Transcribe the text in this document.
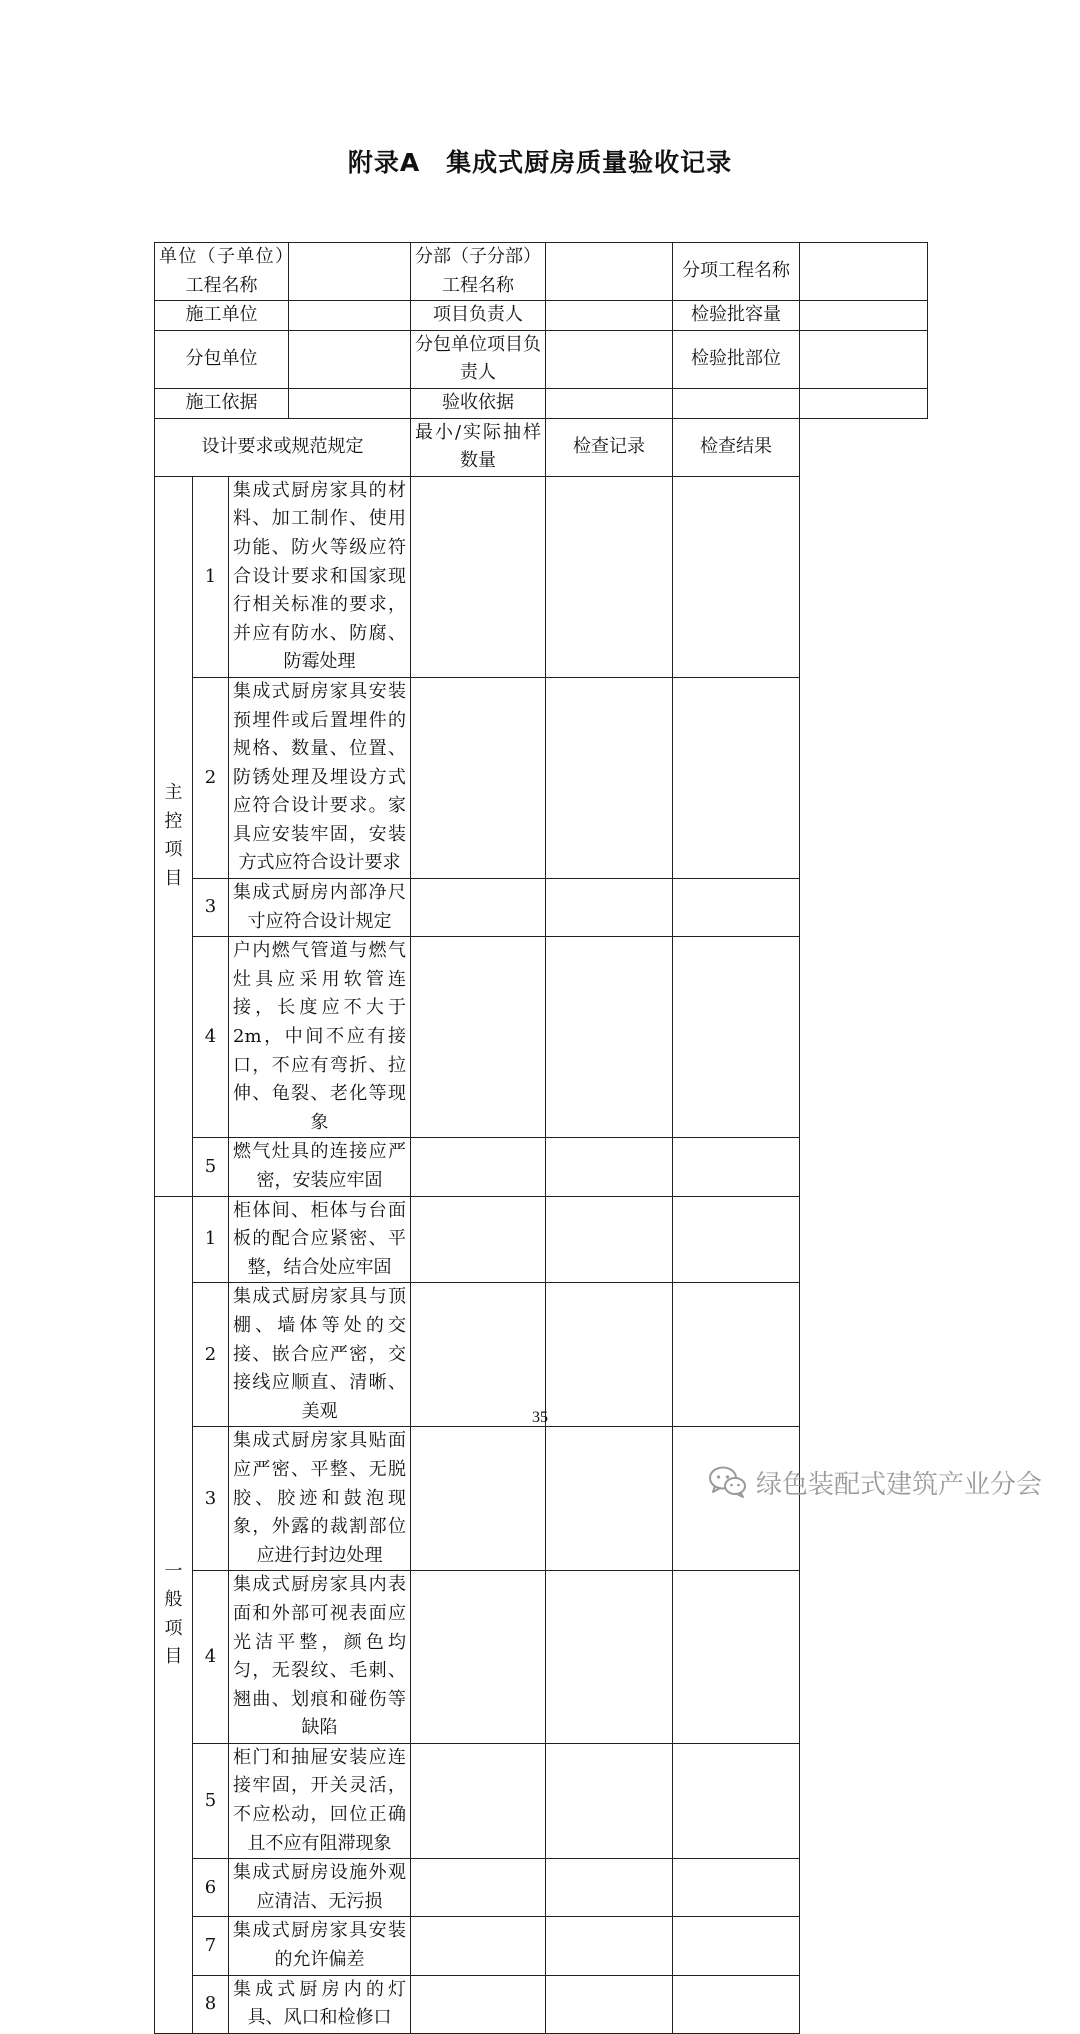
附录A　集成式厨房质量验收记录
单位（子单位）工程名称				分部（子分部）工程名称		分项工程名称	
施工单位				项目负责人		检验批容量	
分包单位				分包单位项目负责人		检验批部位	
施工依据				验收依据			
设计要求或规范规定				最小/实际抽样数量	检查记录	检查结果	

主控项目	1	集成式厨房家具的材料、加工制作、使用功能、防火等级应符合设计要求和国家现行相关标准的要求，并应有防水、防腐、防霉处理					
	2	集成式厨房家具安装预埋件或后置埋件的规格、数量、位置、防锈处理及埋设方式应符合设计要求。家具应安装牢固，安装方式应符合设计要求					
	3	集成式厨房内部净尺寸应符合设计规定					
	4	户内燃气管道与燃气灶具应采用软管连接，长度应不大于 2m，中间不应有接口，不应有弯折、拉伸、龟裂、老化等现象					
	5	燃气灶具的连接应严密，安装应牢固					

一般项目	1	柜体间、柜体与台面板的配合应紧密、平整，结合处应牢固					
	2	集成式厨房家具与顶棚、墙体等处的交接、嵌合应严密，交接线应顺直、清晰、美观					
	3	集成式厨房家具贴面应严密、平整、无脱胶、胶迹和鼓泡现象，外露的裁割部位应进行封边处理					
	4	集成式厨房家具内表面和外部可视表面应光洁平整，颜色均匀，无裂纹、毛刺、翘曲、划痕和碰伤等缺陷					
	5	柜门和抽屉安装应连接牢固，开关灵活，不应松动，回位正确且不应有阻滞现象					
	6	集成式厨房设施外观应清洁、无污损					
	7	集成式厨房家具安装的允许偏差					
	8	集成式厨房内的灯具、风口和检修口					
35
绿色装配式建筑产业分会
